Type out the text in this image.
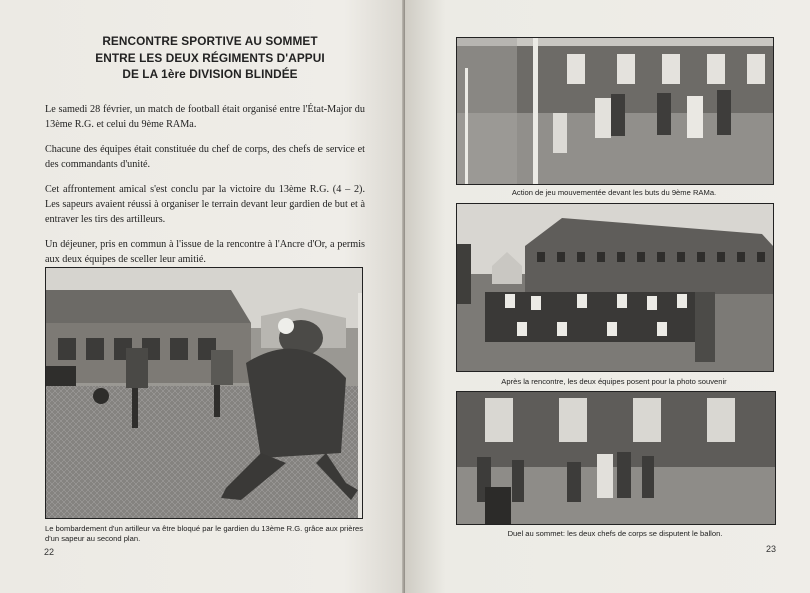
RENCONTRE SPORTIVE AU SOMMET
ENTRE LES DEUX RÉGIMENTS D'APPUI
DE LA 1ère DIVISION BLINDÉE

Le samedi 28 février, un match de football était organisé entre l'État-Major du 13ème R.G. et celui du 9ème RAMa.

Chacune des équipes était constituée du chef de corps, des chefs de service et des commandants d'unité.

Cet affrontement amical s'est conclu par la victoire du 13ème R.G. (4 – 2). Les sapeurs avaient réussi à organiser le terrain devant leur gardien de but et à entraver les tirs des artilleurs.

Un déjeuner, pris en commun à l'issue de la rencontre à l'Ancre d'Or, a permis aux deux équipes de sceller leur amitié.

Le bombardement d'un artilleur va être bloqué par le gardien du 13ème R.G. grâce aux prières d'un sapeur au second plan.
22

Action de jeu mouvementée devant les buts du 9ème RAMa.
Après la rencontre, les deux équipes posent pour la photo souvenir
Duel au sommet: les deux chefs de corps se disputent le ballon.
23
